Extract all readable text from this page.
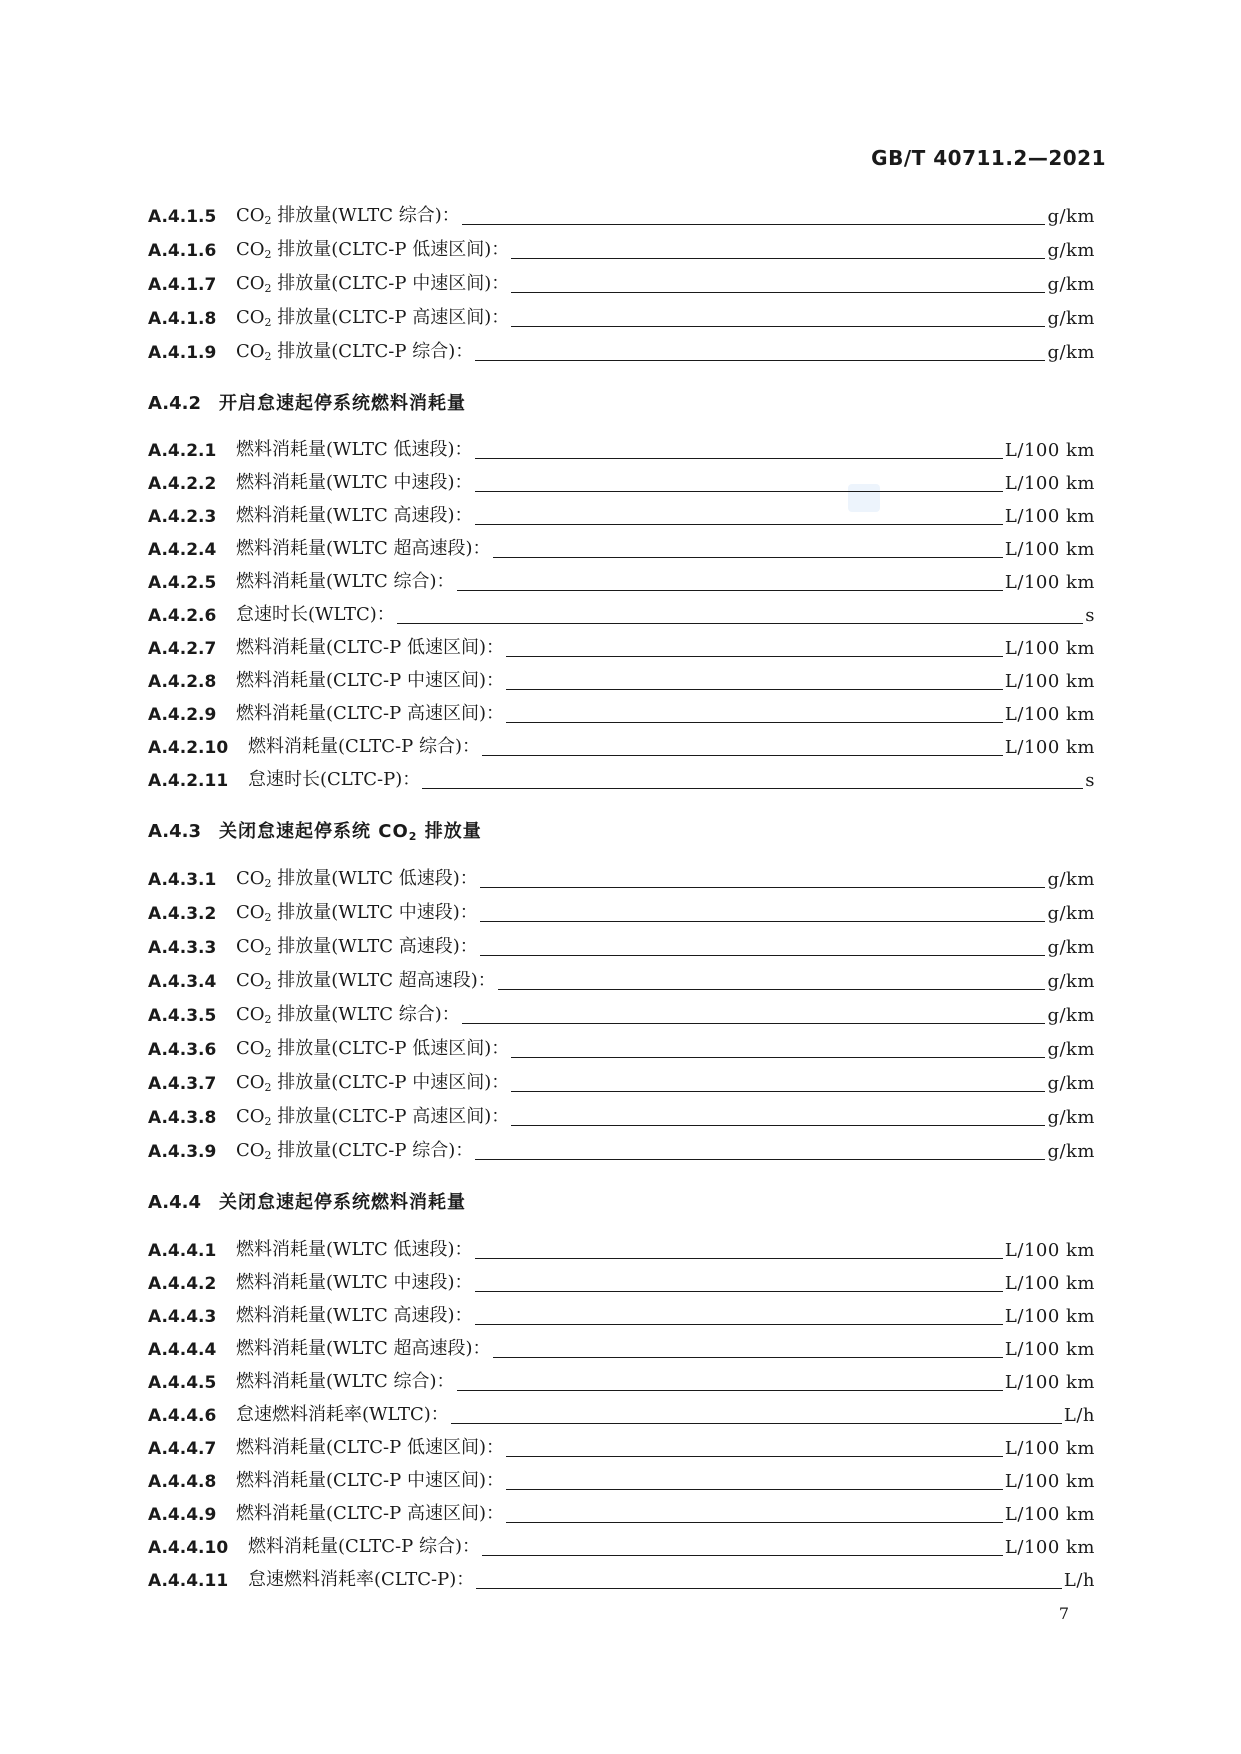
GB/T 40711.2—2021
A.4.1.5	$CO_2$ 排放量(WLTC 综合)：	g/km
A.4.1.6	$CO_2$ 排放量(CLTC-P 低速区间)：	g/km
A.4.1.7	$CO_2$ 排放量(CLTC-P 中速区间)：	g/km
A.4.1.8	$CO_2$ 排放量(CLTC-P 高速区间)：	g/km
A.4.1.9	$CO_2$ 排放量(CLTC-P 综合)：	g/km
A.4.2 开启怠速起停系统燃料消耗量
A.4.2.1	燃料消耗量(WLTC 低速段)：	L/100 km
A.4.2.2	燃料消耗量(WLTC 中速段)：	L/100 km
A.4.2.3	燃料消耗量(WLTC 高速段)：	L/100 km
A.4.2.4	燃料消耗量(WLTC 超高速段)：	L/100 km
A.4.2.5	燃料消耗量(WLTC 综合)：	L/100 km
A.4.2.6	怠速时长(WLTC)：	s
A.4.2.7	燃料消耗量(CLTC-P 低速区间)：	L/100 km
A.4.2.8	燃料消耗量(CLTC-P 中速区间)：	L/100 km
A.4.2.9	燃料消耗量(CLTC-P 高速区间)：	L/100 km
A.4.2.10	燃料消耗量(CLTC-P 综合)：	L/100 km
A.4.2.11	怠速时长(CLTC-P)：	s
A.4.3 关闭怠速起停系统 $CO_2$ 排放量
A.4.3.1	$CO_2$ 排放量(WLTC 低速段)：	g/km
A.4.3.2	$CO_2$ 排放量(WLTC 中速段)：	g/km
A.4.3.3	$CO_2$ 排放量(WLTC 高速段)：	g/km
A.4.3.4	$CO_2$ 排放量(WLTC 超高速段)：	g/km
A.4.3.5	$CO_2$ 排放量(WLTC 综合)：	g/km
A.4.3.6	$CO_2$ 排放量(CLTC-P 低速区间)：	g/km
A.4.3.7	$CO_2$ 排放量(CLTC-P 中速区间)：	g/km
A.4.3.8	$CO_2$ 排放量(CLTC-P 高速区间)：	g/km
A.4.3.9	$CO_2$ 排放量(CLTC-P 综合)：	g/km
A.4.4 关闭怠速起停系统燃料消耗量
A.4.4.1	燃料消耗量(WLTC 低速段)：	L/100 km
A.4.4.2	燃料消耗量(WLTC 中速段)：	L/100 km
A.4.4.3	燃料消耗量(WLTC 高速段)：	L/100 km
A.4.4.4	燃料消耗量(WLTC 超高速段)：	L/100 km
A.4.4.5	燃料消耗量(WLTC 综合)：	L/100 km
A.4.4.6	怠速燃料消耗率(WLTC)：	L/h
A.4.4.7	燃料消耗量(CLTC-P 低速区间)：	L/100 km
A.4.4.8	燃料消耗量(CLTC-P 中速区间)：	L/100 km
A.4.4.9	燃料消耗量(CLTC-P 高速区间)：	L/100 km
A.4.4.10	燃料消耗量(CLTC-P 综合)：	L/100 km
A.4.4.11	怠速燃料消耗率(CLTC-P)：	L/h
7
